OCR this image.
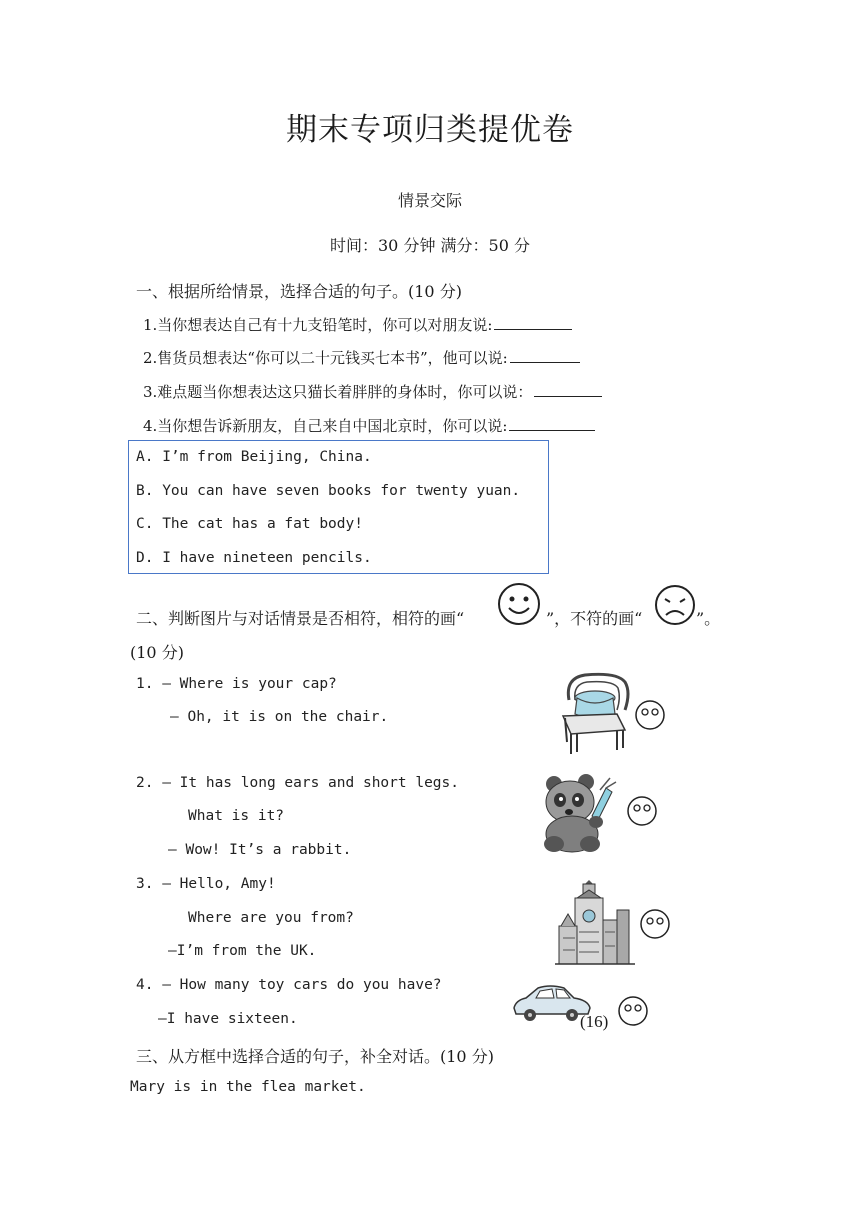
期末专项归类提优卷
情景交际
时间：30 分钟 满分：50 分
一、根据所给情景，选择合适的句子。(10 分)
1.当你想表达自己有十九支铅笔时，你可以对朋友说:
2.售货员想表达“你可以二十元钱买七本书”，他可以说:
3.难点题当你想表达这只猫长着胖胖的身体时，你可以说：
4.当你想告诉新朋友，自己来自中国北京时，你可以说:
A. I’m from Beijing, China.
B. You can have seven books for twenty yuan.
C. The cat has a fat body!
D. I have nineteen pencils.
二、判断图片与对话情景是否相符，相符的画“	”，不符的画“	”。
(10 分)
1. — Where is your cap?
— Oh, it is on the chair.
2. — It has long ears and short legs.
What is it?
— Wow! It’s a rabbit.
3. — Hello, Amy!
Where are you from?
—I’m from the UK.
4. — How many toy cars do you have?
—I have sixteen.	(16)
三、从方框中选择合适的句子，补全对话。(10 分)
Mary is in the flea market.
